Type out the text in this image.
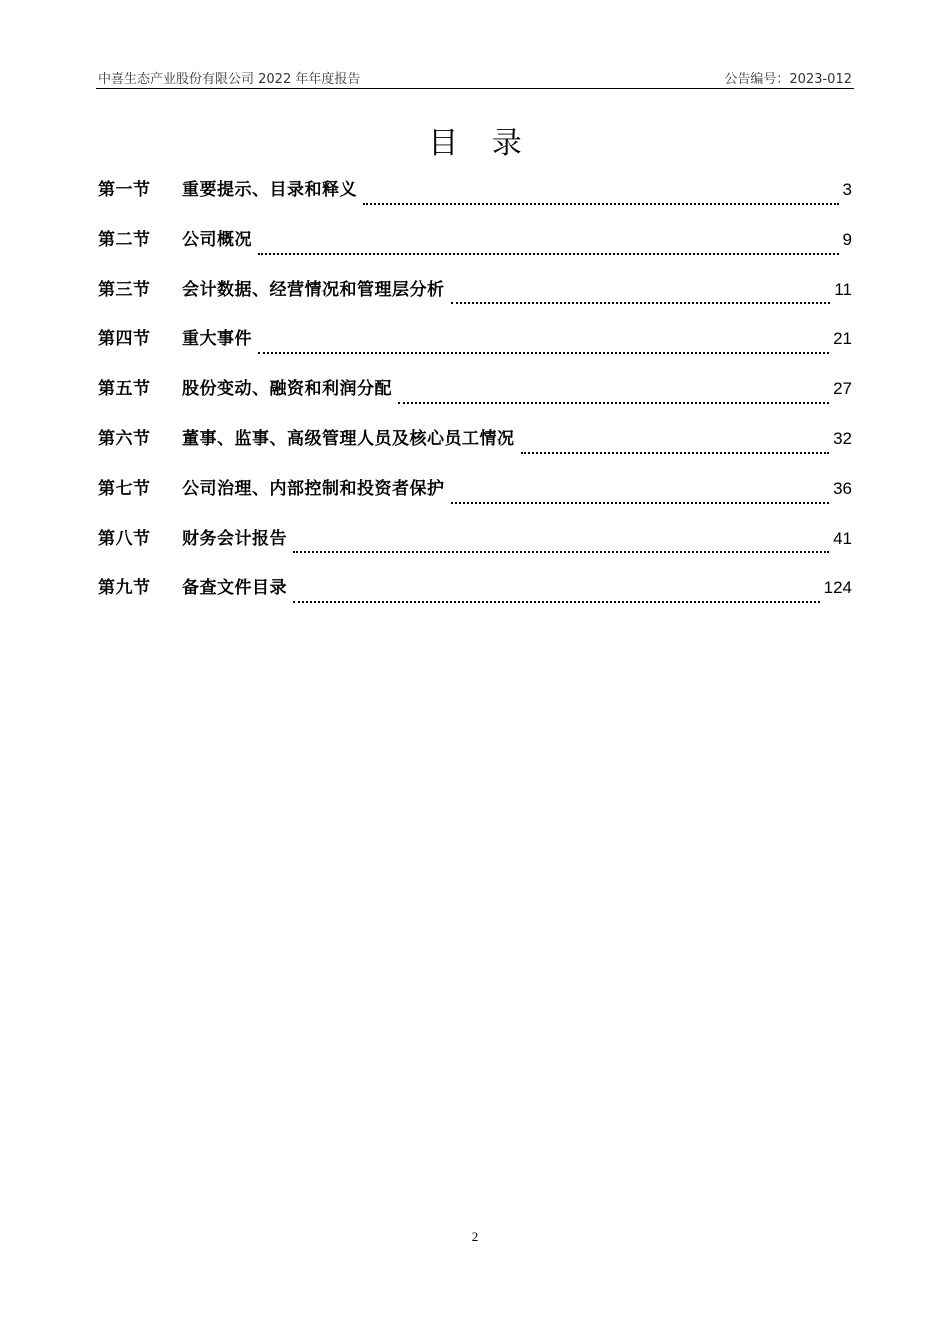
中喜生态产业股份有限公司 2022 年年度报告	公告编号：2023-012
目 录
第一节	重要提示、目录和释义	3
第二节	公司概况	9
第三节	会计数据、经营情况和管理层分析	11
第四节	重大事件	21
第五节	股份变动、融资和利润分配	27
第六节	董事、监事、高级管理人员及核心员工情况	32
第七节	公司治理、内部控制和投资者保护	36
第八节	财务会计报告	41
第九节	备查文件目录	124
2
